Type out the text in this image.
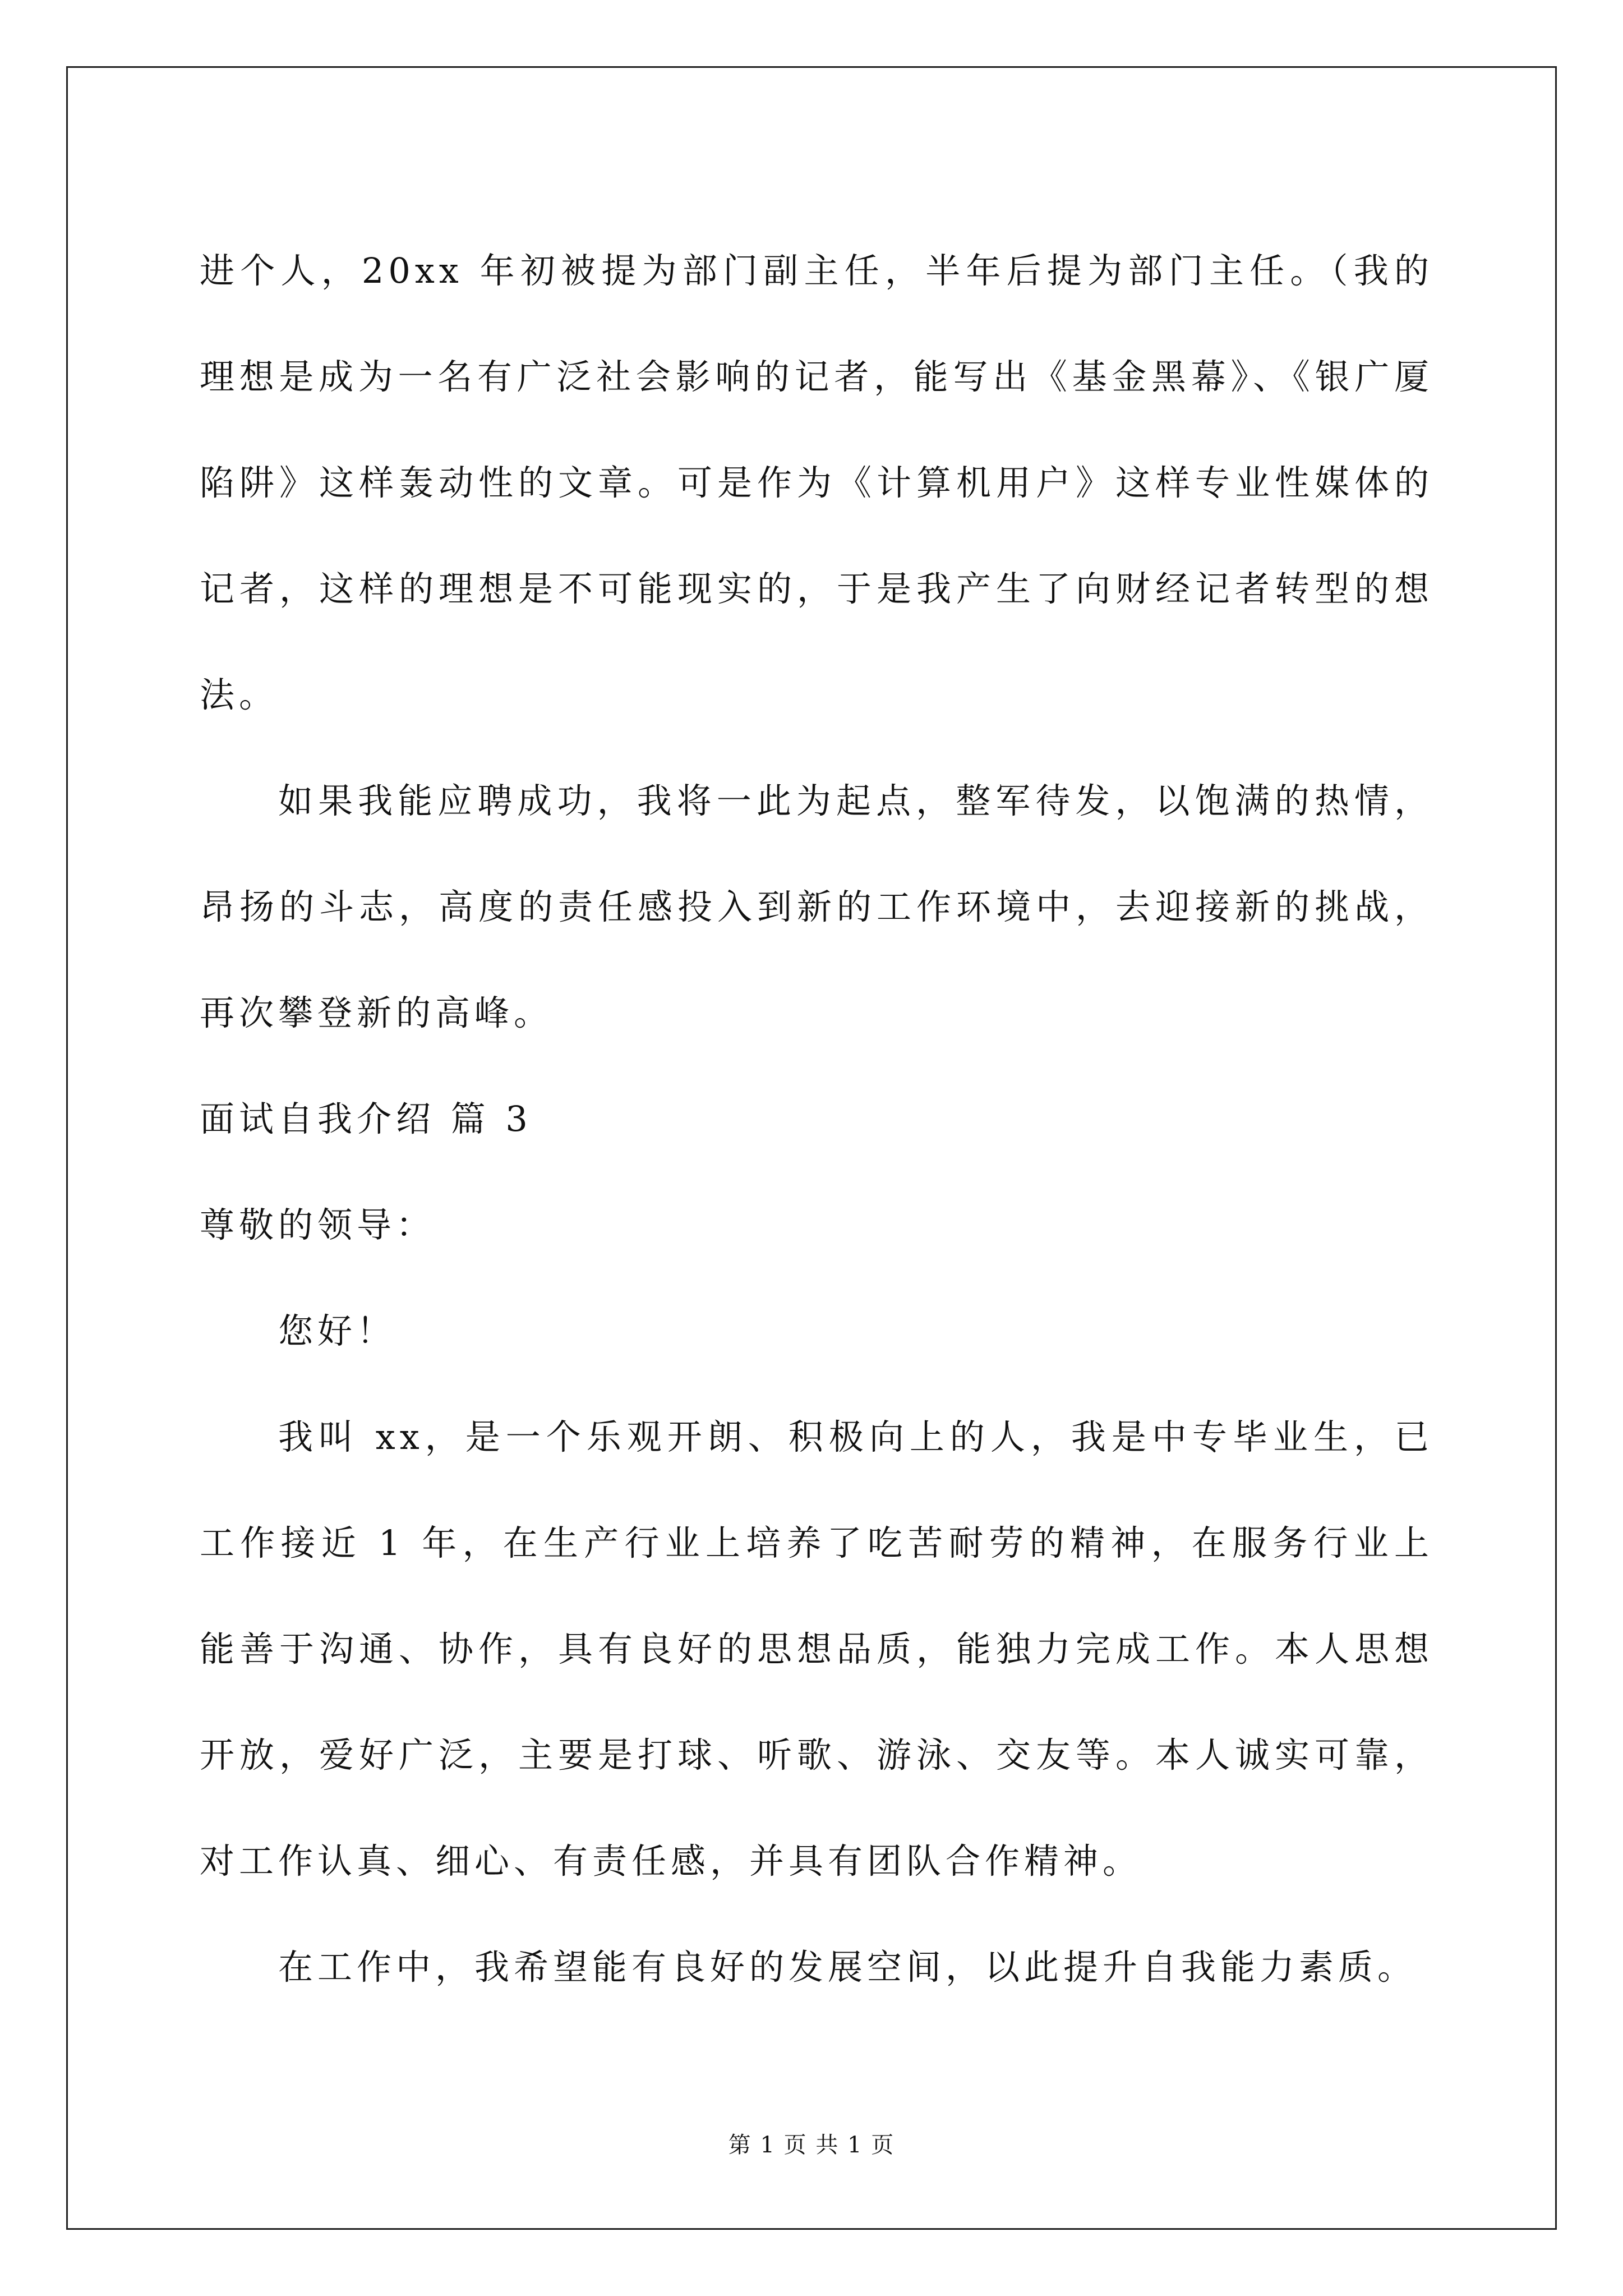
进个人，20xx 年初被提为部门副主任，半年后提为部门主任。（我的理想是成为一名有广泛社会影响的记者，能写出《基金黑幕》、《银广厦陷阱》这样轰动性的文章。可是作为《计算机用户》这样专业性媒体的记者，这样的理想是不可能现实的，于是我产生了向财经记者转型的想法。

如果我能应聘成功，我将一此为起点，整军待发，以饱满的热情，昂扬的斗志，高度的责任感投入到新的工作环境中，去迎接新的挑战，再次攀登新的高峰。

面试自我介绍 篇 3

尊敬的领导：

您好！

我叫 xx，是一个乐观开朗、积极向上的人，我是中专毕业生，已工作接近 1 年，在生产行业上培养了吃苦耐劳的精神，在服务行业上能善于沟通、协作，具有良好的思想品质，能独力完成工作。本人思想开放，爱好广泛，主要是打球、听歌、游泳、交友等。本人诚实可靠，对工作认真、细心、有责任感，并具有团队合作精神。

在工作中，我希望能有良好的发展空间，以此提升自我能力素质。

第 1 页 共 1 页
